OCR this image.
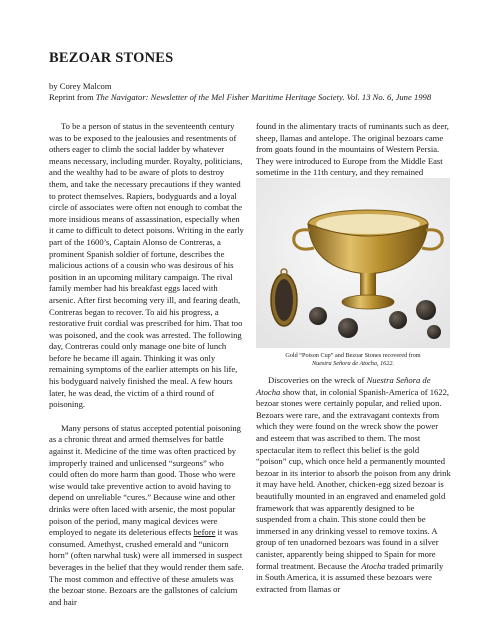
BEZOAR STONES
by Corey Malcom
Reprint from The Navigator: Newsletter of the Mel Fisher Maritime Heritage Society. Vol. 13 No. 6, June 1998

To be a person of status in the seventeenth century was to be exposed to the jealousies and resentments of others eager to climb the social ladder by whatever means necessary, including murder. Royalty, politicians, and the wealthy had to be aware of plots to destroy them, and take the necessary precautions if they wanted to protect themselves. Rapiers, bodyguards and a loyal circle of associates were often not enough to combat the more insidious means of assassination, especially when it came to difficult to detect poisons. Writing in the early part of the 1600’s, Captain Alonso de Contreras, a prominent Spanish soldier of fortune, describes the malicious actions of a cousin who was desirous of his position in an upcoming military campaign. The rival family member had his breakfast eggs laced with arsenic. After first becoming very ill, and fearing death, Contreras began to recover. To aid his progress, a restorative fruit cordial was prescribed for him. That too was poisoned, and the cook was arrested. The following day, Contreras could only manage one bite of lunch before he became ill again. Thinking it was only remaining symptoms of the earlier attempts on his life, his bodyguard naively finished the meal. A few hours later, he was dead, the victim of a third round of poisoning.

Many persons of status accepted potential poisoning as a chronic threat and armed themselves for battle against it. Medicine of the time was often practiced by improperly trained and unlicensed “surgeons” who could often do more harm than good. Those who were wise would take preventive action to avoid having to depend on unreliable “cures.” Because wine and other drinks were often laced with arsenic, the most popular poison of the period, many magical devices were employed to negate its deleterious effects before it was consumed. Amethyst, crushed emerald and “unicorn horn” (often narwhal tusk) were all immersed in suspect beverages in the belief that they would render them safe. The most common and effective of these amulets was the bezoar stone. Bezoars are the gallstones of calcium and hair

found in the alimentary tracts of ruminants such as deer, sheep, llamas and antelope. The original bezoars came from goats found in the mountains of Western Persia. They were introduced to Europe from the Middle East sometime in the 11th century, and they remained

Gold “Poison Cup” and Bezoar Stones recovered from
Nuestra Señora de Atocha, 1622.

Discoveries on the wreck of Nuestra Señora de Atocha show that, in colonial Spanish-America of 1622, bezoar stones were certainly popular, and relied upon. Bezoars were rare, and the extravagant contexts from which they were found on the wreck show the power and esteem that was ascribed to them. The most spectacular item to reflect this belief is the gold “poison” cup, which once held a permanently mounted bezoar in its interior to absorb the poison from any drink it may have held. Another, chicken-egg sized bezoar is beautifully mounted in an engraved and enameled gold framework that was apparently designed to be suspended from a chain. This stone could then be immersed in any drinking vessel to remove toxins. A group of ten unadorned bezoars was found in a silver canister, apparently being shipped to Spain for more formal treatment. Because the Atocha traded primarily in South America, it is assumed these bezoars were extracted from llamas or
